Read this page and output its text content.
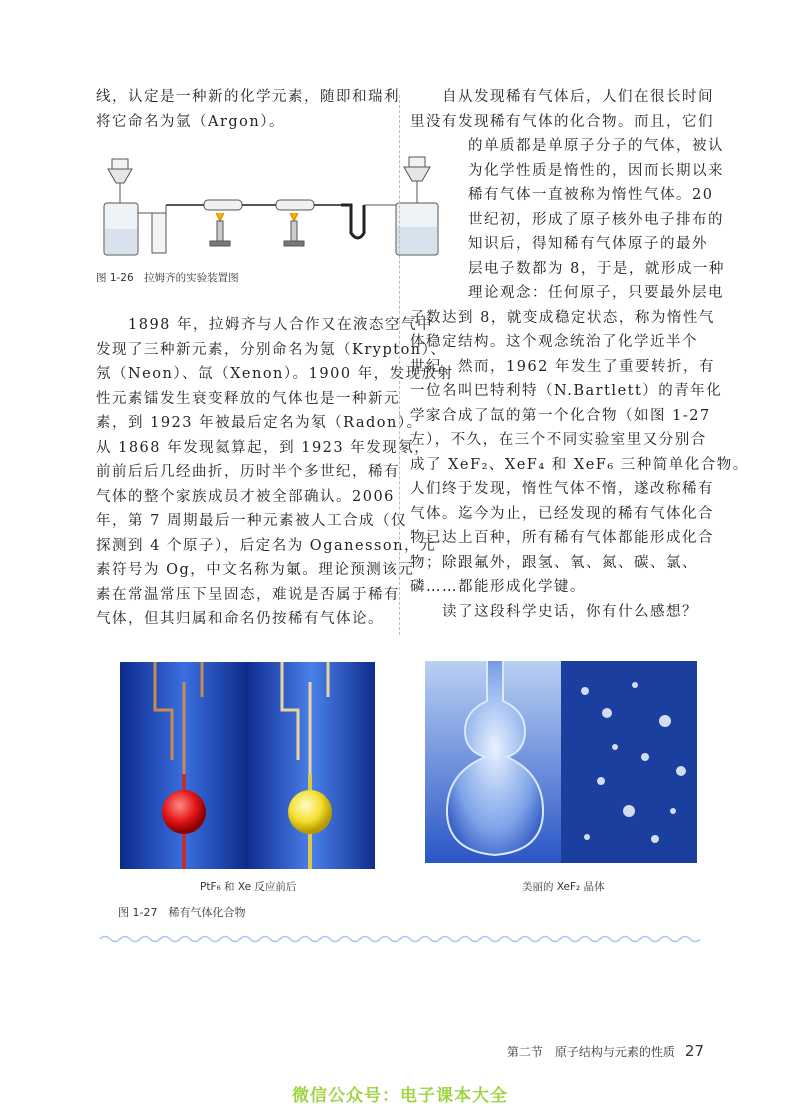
线，认定是一种新的化学元素，随即和瑞利
将它命名为氩（Argon）。
图 1-26　拉姆齐的实验装置图
　　1898 年，拉姆齐与人合作又在液态空气中
发现了三种新元素，分别命名为氪（Krypton）、
氖（Neon）、氙（Xenon）。1900 年，发现放射
性元素镭发生衰变释放的气体也是一种新元
素，到 1923 年被最后定名为氡（Radon）。
从 1868 年发现氦算起，到 1923 年发现氡，
前前后后几经曲折，历时半个多世纪，稀有
气体的整个家族成员才被全部确认。2006
年，第 7 周期最后一种元素被人工合成（仅
探测到 4 个原子），后定名为 Oganesson，元
素符号为 Og，中文名称为氭。理论预测该元
素在常温常压下呈固态，难说是否属于稀有
气体，但其归属和命名仍按稀有气体论。
　　自从发现稀有气体后，人们在很长时间
里没有发现稀有气体的化合物。而且，它们
的单质都是单原子分子的气体，被认
为化学性质是惰性的，因而长期以来
稀有气体一直被称为惰性气体。20
世纪初，形成了原子核外电子排布的
知识后，得知稀有气体原子的最外
层电子数都为 8，于是，就形成一种
理论观念：任何原子，只要最外层电
子数达到 8，就变成稳定状态，称为惰性气
体稳定结构。这个观念统治了化学近半个
世纪。然而，1962 年发生了重要转折，有
一位名叫巴特利特（N.Bartlett）的青年化
学家合成了氙的第一个化合物（如图 1-27
左），不久，在三个不同实验室里又分别合
成了 XeF₂、XeF₄ 和 XeF₆ 三种简单化合物。
人们终于发现，惰性气体不惰，遂改称稀有
气体。迄今为止，已经发现的稀有气体化合
物已达上百种，所有稀有气体都能形成化合
物；除跟氟外，跟氢、氧、氮、碳、氯、
磷……都能形成化学键。
　　读了这段科学史话，你有什么感想？
PtF₆ 和 Xe 反应前后	美丽的 XeF₂ 晶体
图 1-27　稀有气体化合物
第二节　原子结构与元素的性质 27
微信公众号：电子课本大全
